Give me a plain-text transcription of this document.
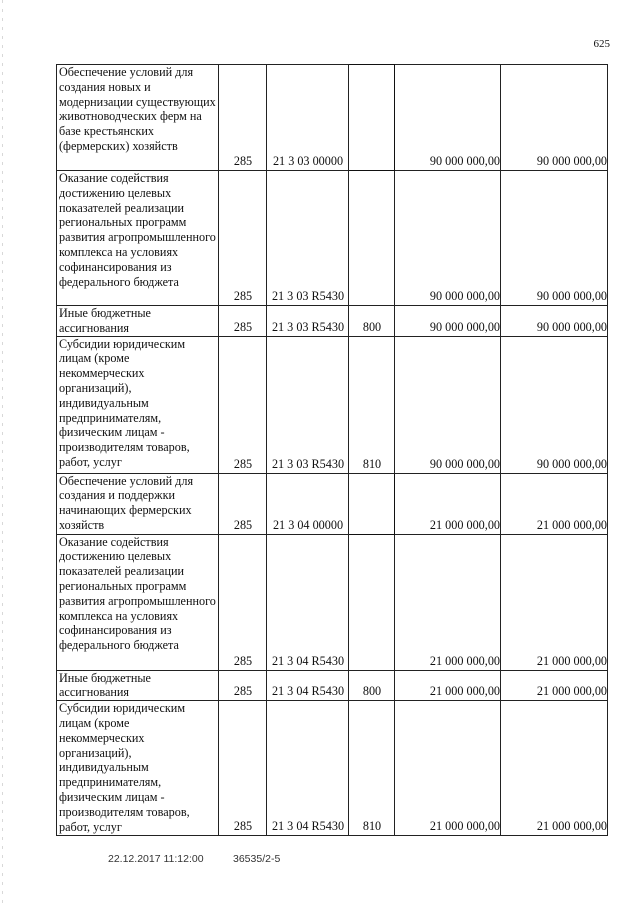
625
Обеспечение условий для создания новых и модернизации существующих животноводческих ферм на базе крестьянских (фермерских) хозяйств	285	21 3 03 00000		90 000 000,00	90 000 000,00
Оказание содействия достижению целевых показателей реализации региональных программ развития агропромышленного комплекса на условиях софинансирования из федерального бюджета	285	21 3 03 R5430		90 000 000,00	90 000 000,00
Иные бюджетные ассигнования	285	21 3 03 R5430	800	90 000 000,00	90 000 000,00
Субсидии юридическим лицам (кроме некоммерческих организаций), индивидуальным предпринимателям, физическим лицам - производителям товаров, работ, услуг	285	21 3 03 R5430	810	90 000 000,00	90 000 000,00
Обеспечение условий для создания и поддержки начинающих фермерских хозяйств	285	21 3 04 00000		21 000 000,00	21 000 000,00
Оказание содействия достижению целевых показателей реализации региональных программ развития агропромышленного комплекса на условиях софинансирования из федерального бюджета	285	21 3 04 R5430		21 000 000,00	21 000 000,00
Иные бюджетные ассигнования	285	21 3 04 R5430	800	21 000 000,00	21 000 000,00
Субсидии юридическим лицам (кроме некоммерческих организаций), индивидуальным предпринимателям, физическим лицам - производителям товаров, работ, услуг	285	21 3 04 R5430	810	21 000 000,00	21 000 000,00
22.12.2017 11:12:00	36535/2-5
